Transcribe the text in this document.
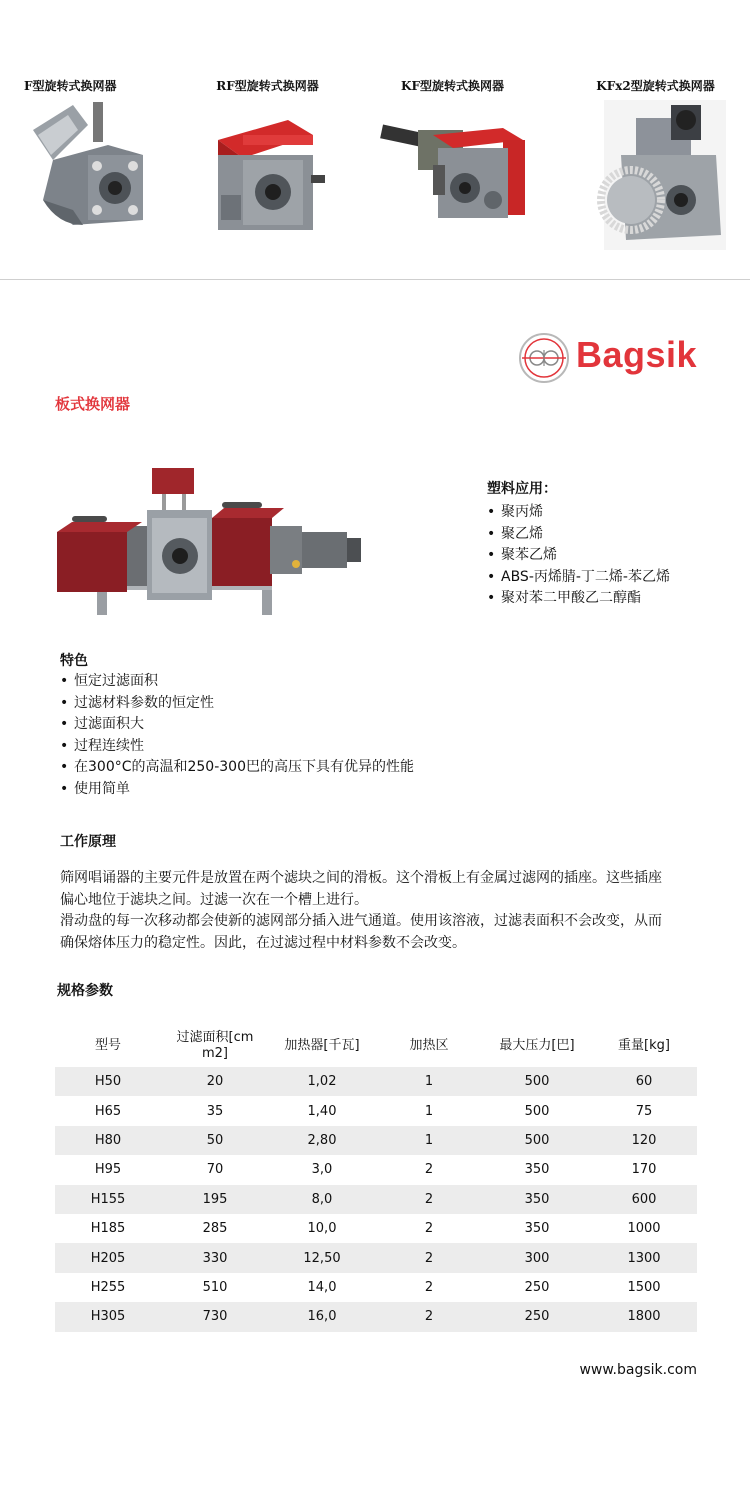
F型旋转式换网器	RF型旋转式换网器	KF型旋转式换网器	KFx2型旋转式换网器
Bagsik
板式换网器
塑料应用：
• 聚丙烯
• 聚乙烯
• 聚苯乙烯
• ABS-丙烯腈-丁二烯-苯乙烯
• 聚对苯二甲酸乙二醇酯
特色
• 恒定过滤面积
• 过滤材料参数的恒定性
• 过滤面积大
• 过程连续性
• 在300°C的高温和250-300巴的高压下具有优异的性能
• 使用简单
工作原理
筛网唱诵器的主要元件是放置在两个滤块之间的滑板。这个滑板上有金属过滤网的插座。这些插座
偏心地位于滤块之间。过滤一次在一个槽上进行。
滑动盘的每一次移动都会使新的滤网部分插入进气通道。使用该溶液，过滤表面积不会改变，从而
确保熔体压力的稳定性。因此，在过滤过程中材料参数不会改变。
规格参数
型号	过滤面积[cm m2]	加热器[千瓦]	加热区	最大压力[巴]	重量[kg]
H50	20	1,02	1	500	60
H65	35	1,40	1	500	75
H80	50	2,80	1	500	120
H95	70	3,0	2	350	170
H155	195	8,0	2	350	600
H185	285	10,0	2	350	1000
H205	330	12,50	2	300	1300
H255	510	14,0	2	250	1500
H305	730	16,0	2	250	1800
www.bagsik.com
